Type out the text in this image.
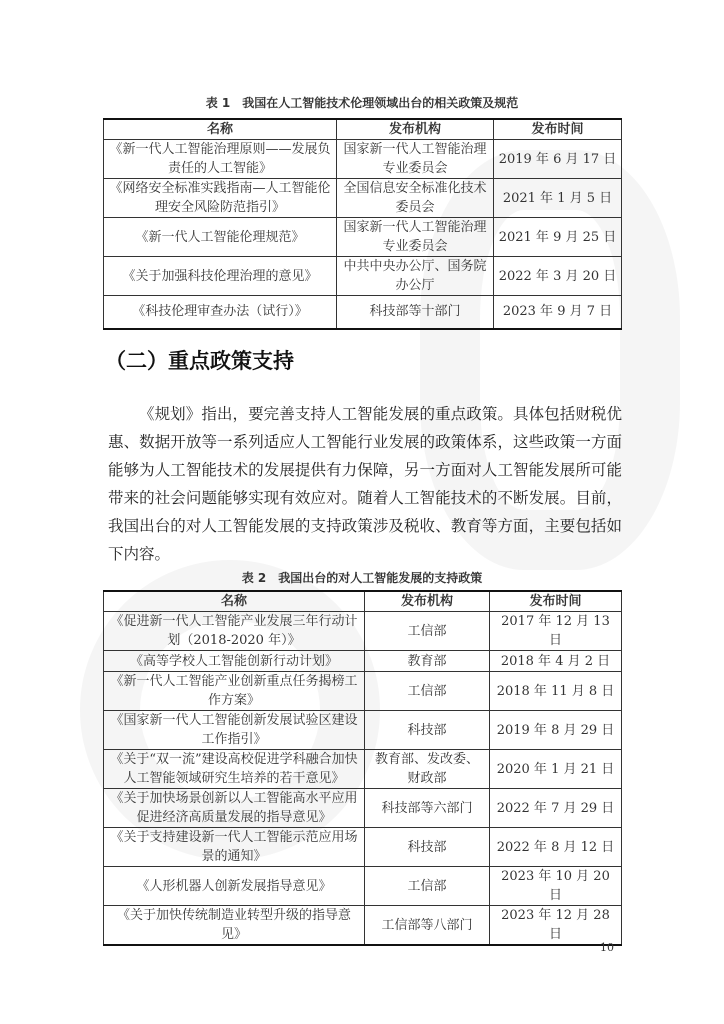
表 1　我国在人工智能技术伦理领域出台的相关政策及规范
名称	发布机构	发布时间
《新一代人工智能治理原则——发展负责任的人工智能》	国家新一代人工智能治理专业委员会	2019 年 6 月 17 日
《网络安全标准实践指南—人工智能伦理安全风险防范指引》	全国信息安全标准化技术委员会	2021 年 1 月 5 日
《新一代人工智能伦理规范》	国家新一代人工智能治理专业委员会	2021 年 9 月 25 日
《关于加强科技伦理治理的意见》	中共中央办公厅、国务院办公厅	2022 年 3 月 20 日
《科技伦理审查办法（试行）》	科技部等十部门	2023 年 9 月 7 日
（二）重点政策支持
《规划》指出，要完善支持人工智能发展的重点政策。具体包括财税优惠、数据开放等一系列适应人工智能行业发展的政策体系，这些政策一方面能够为人工智能技术的发展提供有力保障，另一方面对人工智能发展所可能带来的社会问题能够实现有效应对。随着人工智能技术的不断发展。目前，我国出台的对人工智能发展的支持政策涉及税收、教育等方面，主要包括如下内容。
表 2　我国出台的对人工智能发展的支持政策
名称	发布机构	发布时间
《促进新一代人工智能产业发展三年行动计划（2018-2020 年）》	工信部	2017 年 12 月 13 日
《高等学校人工智能创新行动计划》	教育部	2018 年 4 月 2 日
《新一代人工智能产业创新重点任务揭榜工作方案》	工信部	2018 年 11 月 8 日
《国家新一代人工智能创新发展试验区建设工作指引》	科技部	2019 年 8 月 29 日
《关于“双一流”建设高校促进学科融合加快人工智能领域研究生培养的若干意见》	教育部、发改委、财政部	2020 年 1 月 21 日
《关于加快场景创新以人工智能高水平应用促进经济高质量发展的指导意见》	科技部等六部门	2022 年 7 月 29 日
《关于支持建设新一代人工智能示范应用场景的通知》	科技部	2022 年 8 月 12 日
《人形机器人创新发展指导意见》	工信部	2023 年 10 月 20 日
《关于加快传统制造业转型升级的指导意见》	工信部等八部门	2023 年 12 月 28 日
10
